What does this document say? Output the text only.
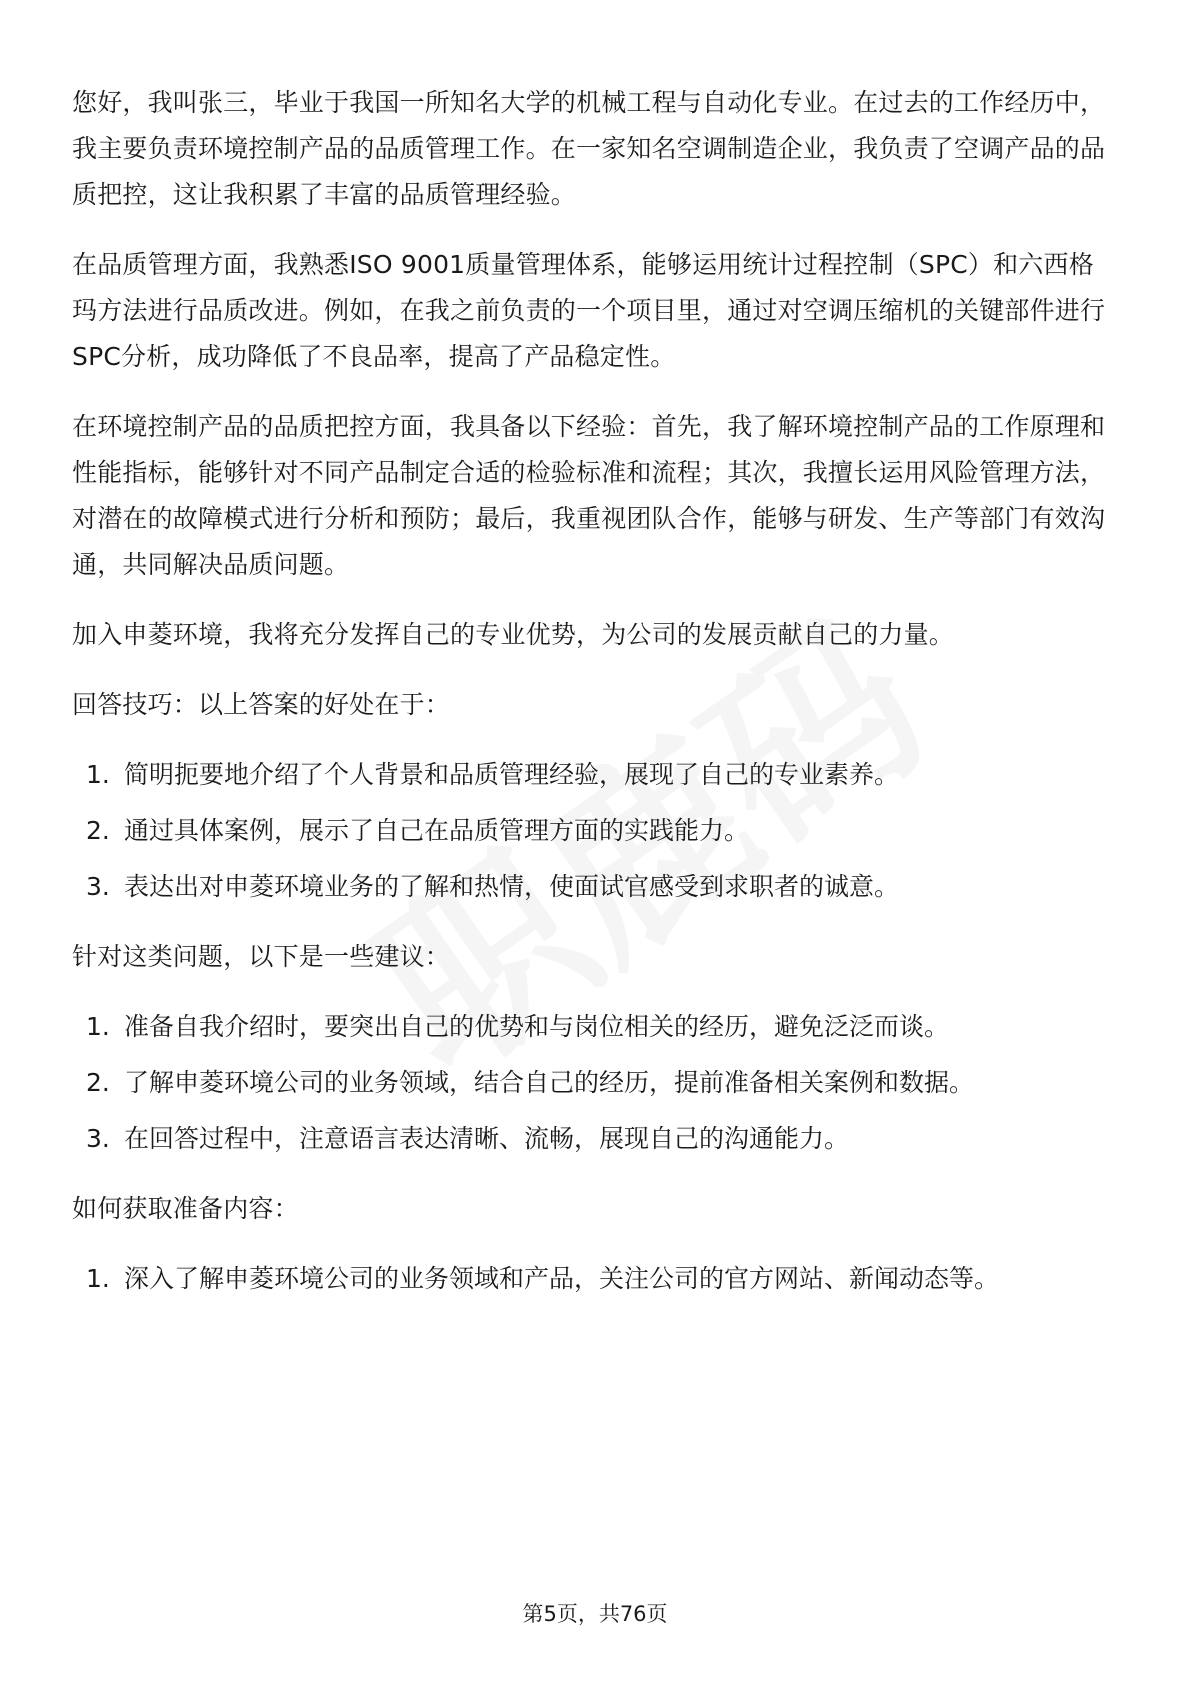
您好，我叫张三，毕业于我国一所知名大学的机械工程与自动化专业。在过去的工作经历中，我主要负责环境控制产品的品质管理工作。在一家知名空调制造企业，我负责了空调产品的品质把控，这让我积累了丰富的品质管理经验。

在品质管理方面，我熟悉ISO 9001质量管理体系，能够运用统计过程控制（SPC）和六西格玛方法进行品质改进。例如，在我之前负责的一个项目里，通过对空调压缩机的关键部件进行SPC分析，成功降低了不良品率，提高了产品稳定性。

在环境控制产品的品质把控方面，我具备以下经验：首先，我了解环境控制产品的工作原理和性能指标，能够针对不同产品制定合适的检验标准和流程；其次，我擅长运用风险管理方法，对潜在的故障模式进行分析和预防；最后，我重视团队合作，能够与研发、生产等部门有效沟通，共同解决品质问题。

加入申菱环境，我将充分发挥自己的专业优势，为公司的发展贡献自己的力量。

回答技巧：以上答案的好处在于：

1. 简明扼要地介绍了个人背景和品质管理经验，展现了自己的专业素养。
2. 通过具体案例，展示了自己在品质管理方面的实践能力。
3. 表达出对申菱环境业务的了解和热情，使面试官感受到求职者的诚意。

针对这类问题，以下是一些建议：

1. 准备自我介绍时，要突出自己的优势和与岗位相关的经历，避免泛泛而谈。
2. 了解申菱环境公司的业务领域，结合自己的经历，提前准备相关案例和数据。
3. 在回答过程中，注意语言表达清晰、流畅，展现自己的沟通能力。

如何获取准备内容：

1. 深入了解申菱环境公司的业务领域和产品，关注公司的官方网站、新闻动态等。
第5页，共76页
